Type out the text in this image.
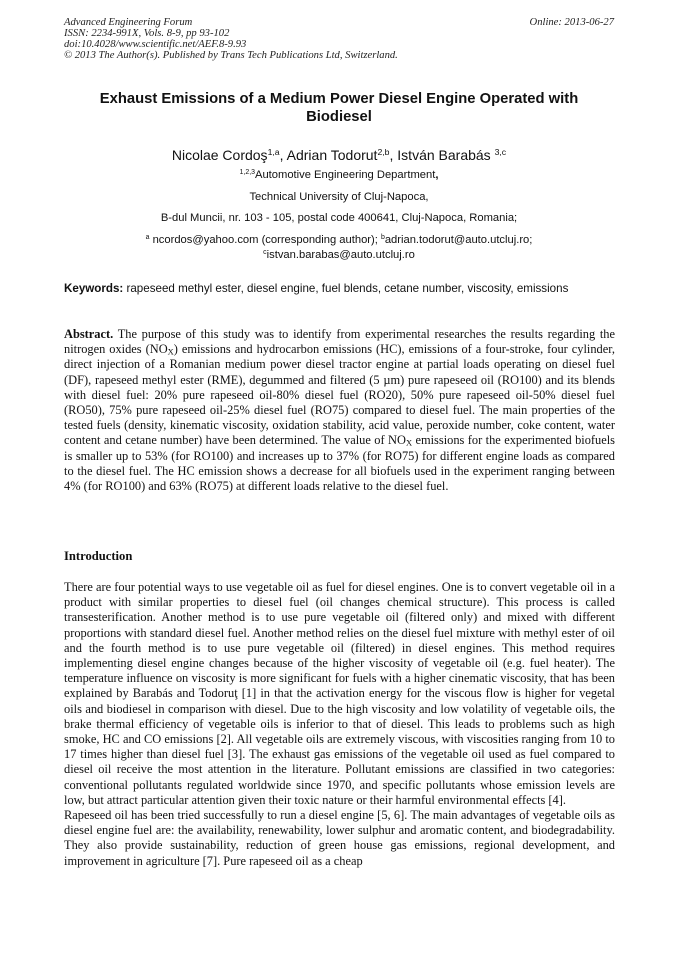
Advanced Engineering Forum
ISSN: 2234-991X, Vols. 8-9, pp 93-102
doi:10.4028/www.scientific.net/AEF.8-9.93
© 2013 The Author(s). Published by Trans Tech Publications Ltd, Switzerland.
Online: 2013-06-27
Exhaust Emissions of a Medium Power Diesel Engine Operated with Biodiesel
Nicolae Cordoş$^{1,a}$, Adrian Todorut$^{2,b}$, István Barabás $^{3,c}$
$^{1,2,3}$Automotive Engineering Department,
Technical University of Cluj-Napoca,
B-dul Muncii, nr. 103 - 105, postal code 400641, Cluj-Napoca, Romania;
$^a$ ncordos@yahoo.com (corresponding author); $^b$adrian.todorut@auto.utcluj.ro;
$^c$istvan.barabas@auto.utcluj.ro
Keywords: rapeseed methyl ester, diesel engine, fuel blends, cetane number, viscosity, emissions
Abstract. The purpose of this study was to identify from experimental researches the results regarding the nitrogen oxides $(NO_X)$ emissions and hydrocarbon emissions (HC), emissions of a four-stroke, four cylinder, direct injection of a Romanian medium power diesel tractor engine at partial loads operating on diesel fuel (DF), rapeseed methyl ester (RME), degummed and filtered (5 µm) pure rapeseed oil (RO100) and its blends with diesel fuel: 20% pure rapeseed oil-80% diesel fuel (RO20), 50% pure rapeseed oil-50% diesel fuel (RO50), 75% pure rapeseed oil-25% diesel fuel (RO75) compared to diesel fuel. The main properties of the tested fuels (density, kinematic viscosity, oxidation stability, acid value, peroxide number, coke content, water content and cetane number) have been determined. The value of $NO_X$ emissions for the experimented biofuels is smaller up to 53% (for RO100) and increases up to 37% (for RO75) for different engine loads as compared to the diesel fuel. The HC emission shows a decrease for all biofuels used in the experiment ranging between 4% (for RO100) and 63% (RO75) at different loads relative to the diesel fuel.
Introduction

There are four potential ways to use vegetable oil as fuel for diesel engines. One is to convert vegetable oil in a product with similar properties to diesel fuel (oil changes chemical structure). This process is called transesterification. Another method is to use pure vegetable oil (filtered only) and mixed with different proportions with standard diesel fuel. Another method relies on the diesel fuel mixture with methyl ester of oil and the fourth method is to use pure vegetable oil (filtered) in diesel engines. This method requires implementing diesel engine changes because of the higher viscosity of vegetable oil (e.g. fuel heater). The temperature influence on viscosity is more significant for fuels with a higher cinematic viscosity, that has been explained by Barabás and Todoruţ [1] in that the activation energy for the viscous flow is higher for vegetal oils and biodiesel in comparison with diesel. Due to the high viscosity and low volatility of vegetable oils, the brake thermal efficiency of vegetable oils is inferior to that of diesel. This leads to problems such as high smoke, HC and CO emissions [2]. All vegetable oils are extremely viscous, with viscosities ranging from 10 to 17 times higher than diesel fuel [3]. The exhaust gas emissions of the vegetable oil used as fuel compared to diesel oil receive the most attention in the literature. Pollutant emissions are classified in two categories: conventional pollutants regulated worldwide since 1970, and specific pollutants whose emission levels are low, but attract particular attention given their toxic nature or their harmful environmental effects [4].

Rapeseed oil has been tried successfully to run a diesel engine [5, 6]. The main advantages of vegetable oils as diesel engine fuel are: the availability, renewability, lower sulphur and aromatic content, and biodegradability. They also provide sustainability, reduction of green house gas emissions, regional development, and improvement in agriculture [7]. Pure rapeseed oil as a cheap
